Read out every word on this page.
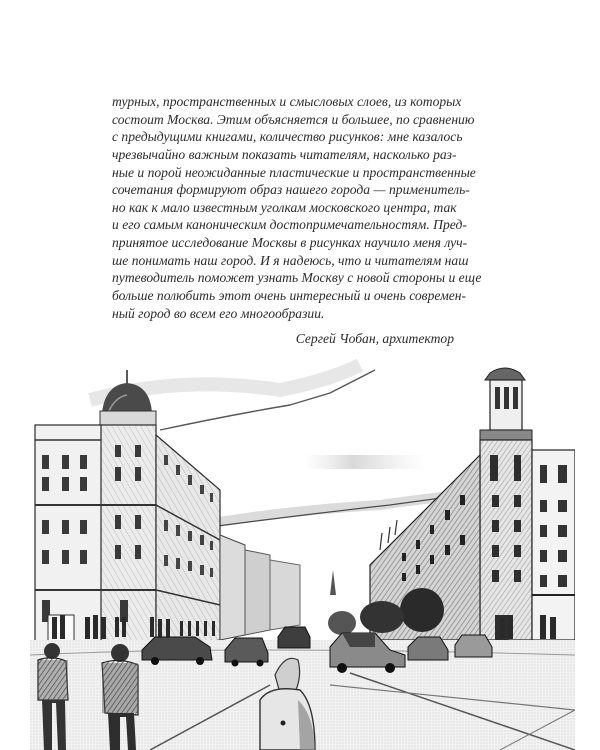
турных, пространственных и смысловых слоев, из которых
состоит Москва. Этим объясняется и большее, по сравнению
с предыдущими книгами, количество рисунков: мне казалось
чрезвычайно важным показать читателям, насколько раз-
ные и порой неожиданные пластические и пространственные
сочетания формируют образ нашего города — применитель-
но как к мало известным уголкам московского центра, так
и его самым каноническим достопримечательностям. Пред-
принятое исследование Москвы в рисунках научило меня луч-
ше понимать наш город. И я надеюсь, что и читателям наш
путеводитель поможет узнать Москву с новой стороны и еще
больше полюбить этот очень интересный и очень современ-
ный город во всем его многообразии.
Сергей Чобан, архитектор
